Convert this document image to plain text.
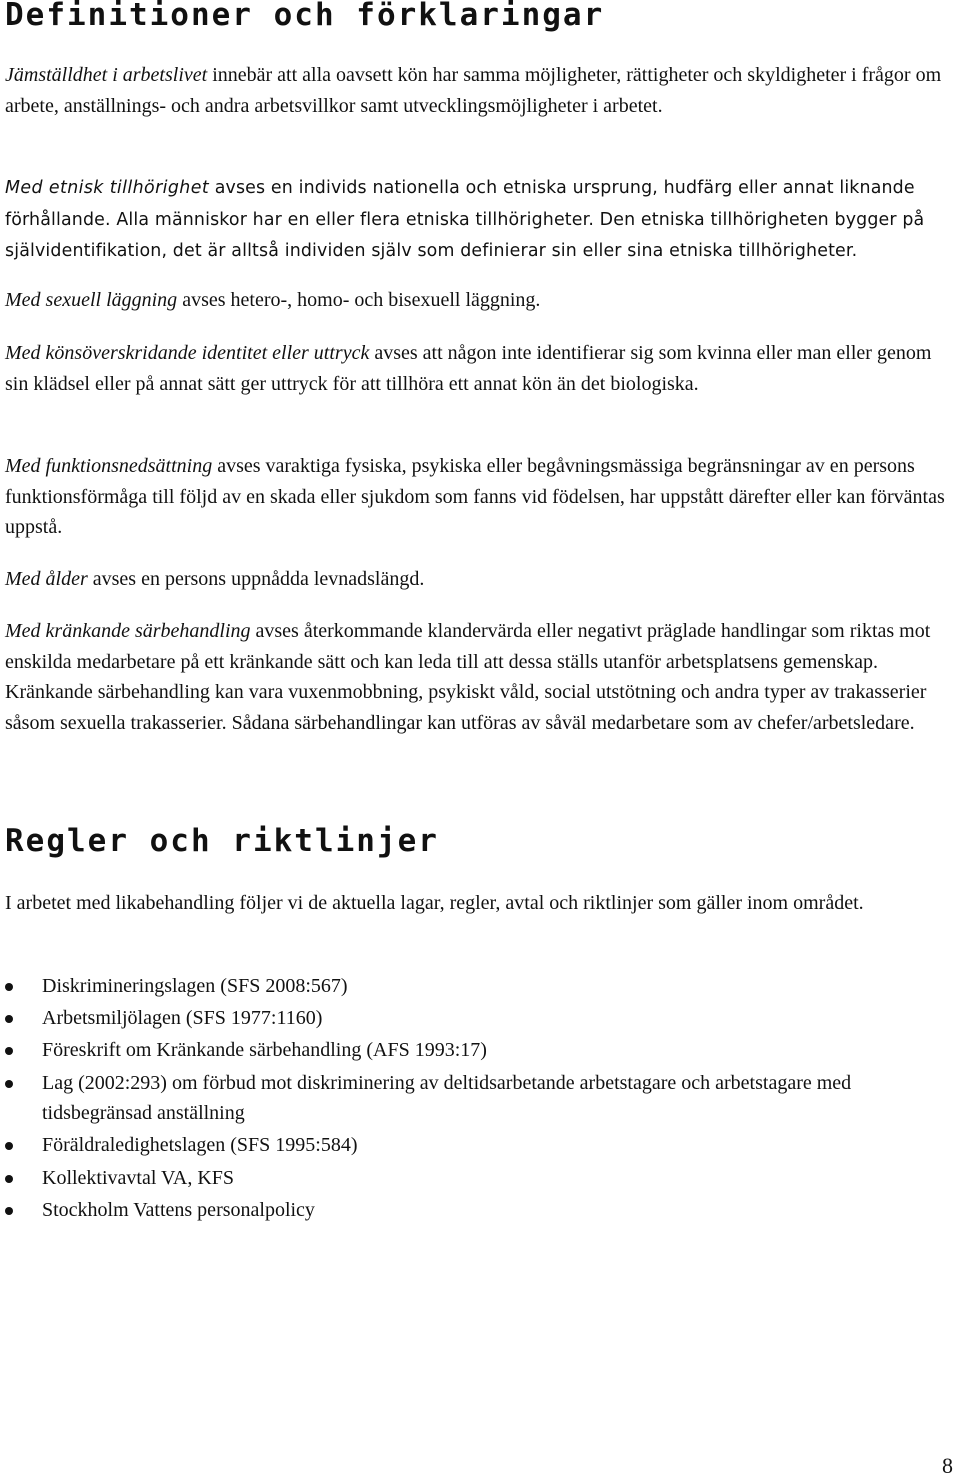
Definitioner och förklaringar

Jämställdhet i arbetslivet innebär att alla oavsett kön har samma möjligheter, rättigheter och skyldigheter i frågor om arbete, anställnings- och andra arbetsvillkor samt utvecklingsmöjligheter i arbetet.

Med etnisk tillhörighet avses en individs nationella och etniska ursprung, hudfärg eller annat liknande förhållande. Alla människor har en eller flera etniska tillhörigheter. Den etniska tillhörigheten bygger på självidentifikation, det är alltså individen själv som definierar sin eller sina etniska tillhörigheter.

Med sexuell läggning avses hetero-, homo- och bisexuell läggning.

Med könsöverskridande identitet eller uttryck avses att någon inte identifierar sig som kvinna eller man eller genom sin klädsel eller på annat sätt ger uttryck för att tillhöra ett annat kön än det biologiska.

Med funktionsnedsättning avses varaktiga fysiska, psykiska eller begåvningsmässiga begränsningar av en persons funktionsförmåga till följd av en skada eller sjukdom som fanns vid födelsen, har uppstått därefter eller kan förväntas uppstå.

Med ålder avses en persons uppnådda levnadslängd.

Med kränkande särbehandling avses återkommande klandervärda eller negativt präglade handlingar som riktas mot enskilda medarbetare på ett kränkande sätt och kan leda till att dessa ställs utanför arbetsplatsens gemenskap. Kränkande särbehandling kan vara vuxenmobbning, psykiskt våld, social utstötning och andra typer av trakasserier såsom sexuella trakasserier. Sådana särbehandlingar kan utföras av såväl medarbetare som av chefer/arbetsledare.

Regler och riktlinjer

I arbetet med likabehandling följer vi de aktuella lagar, regler, avtal och riktlinjer som gäller inom området.

Diskrimineringslagen (SFS 2008:567)
Arbetsmiljölagen (SFS 1977:1160)
Föreskrift om Kränkande särbehandling (AFS 1993:17)
Lag (2002:293) om förbud mot diskriminering av deltidsarbetande arbetstagare och arbetstagare med tidsbegränsad anställning
Föräldraledighetslagen (SFS 1995:584)
Kollektivavtal VA, KFS
Stockholm Vattens personalpolicy
8
